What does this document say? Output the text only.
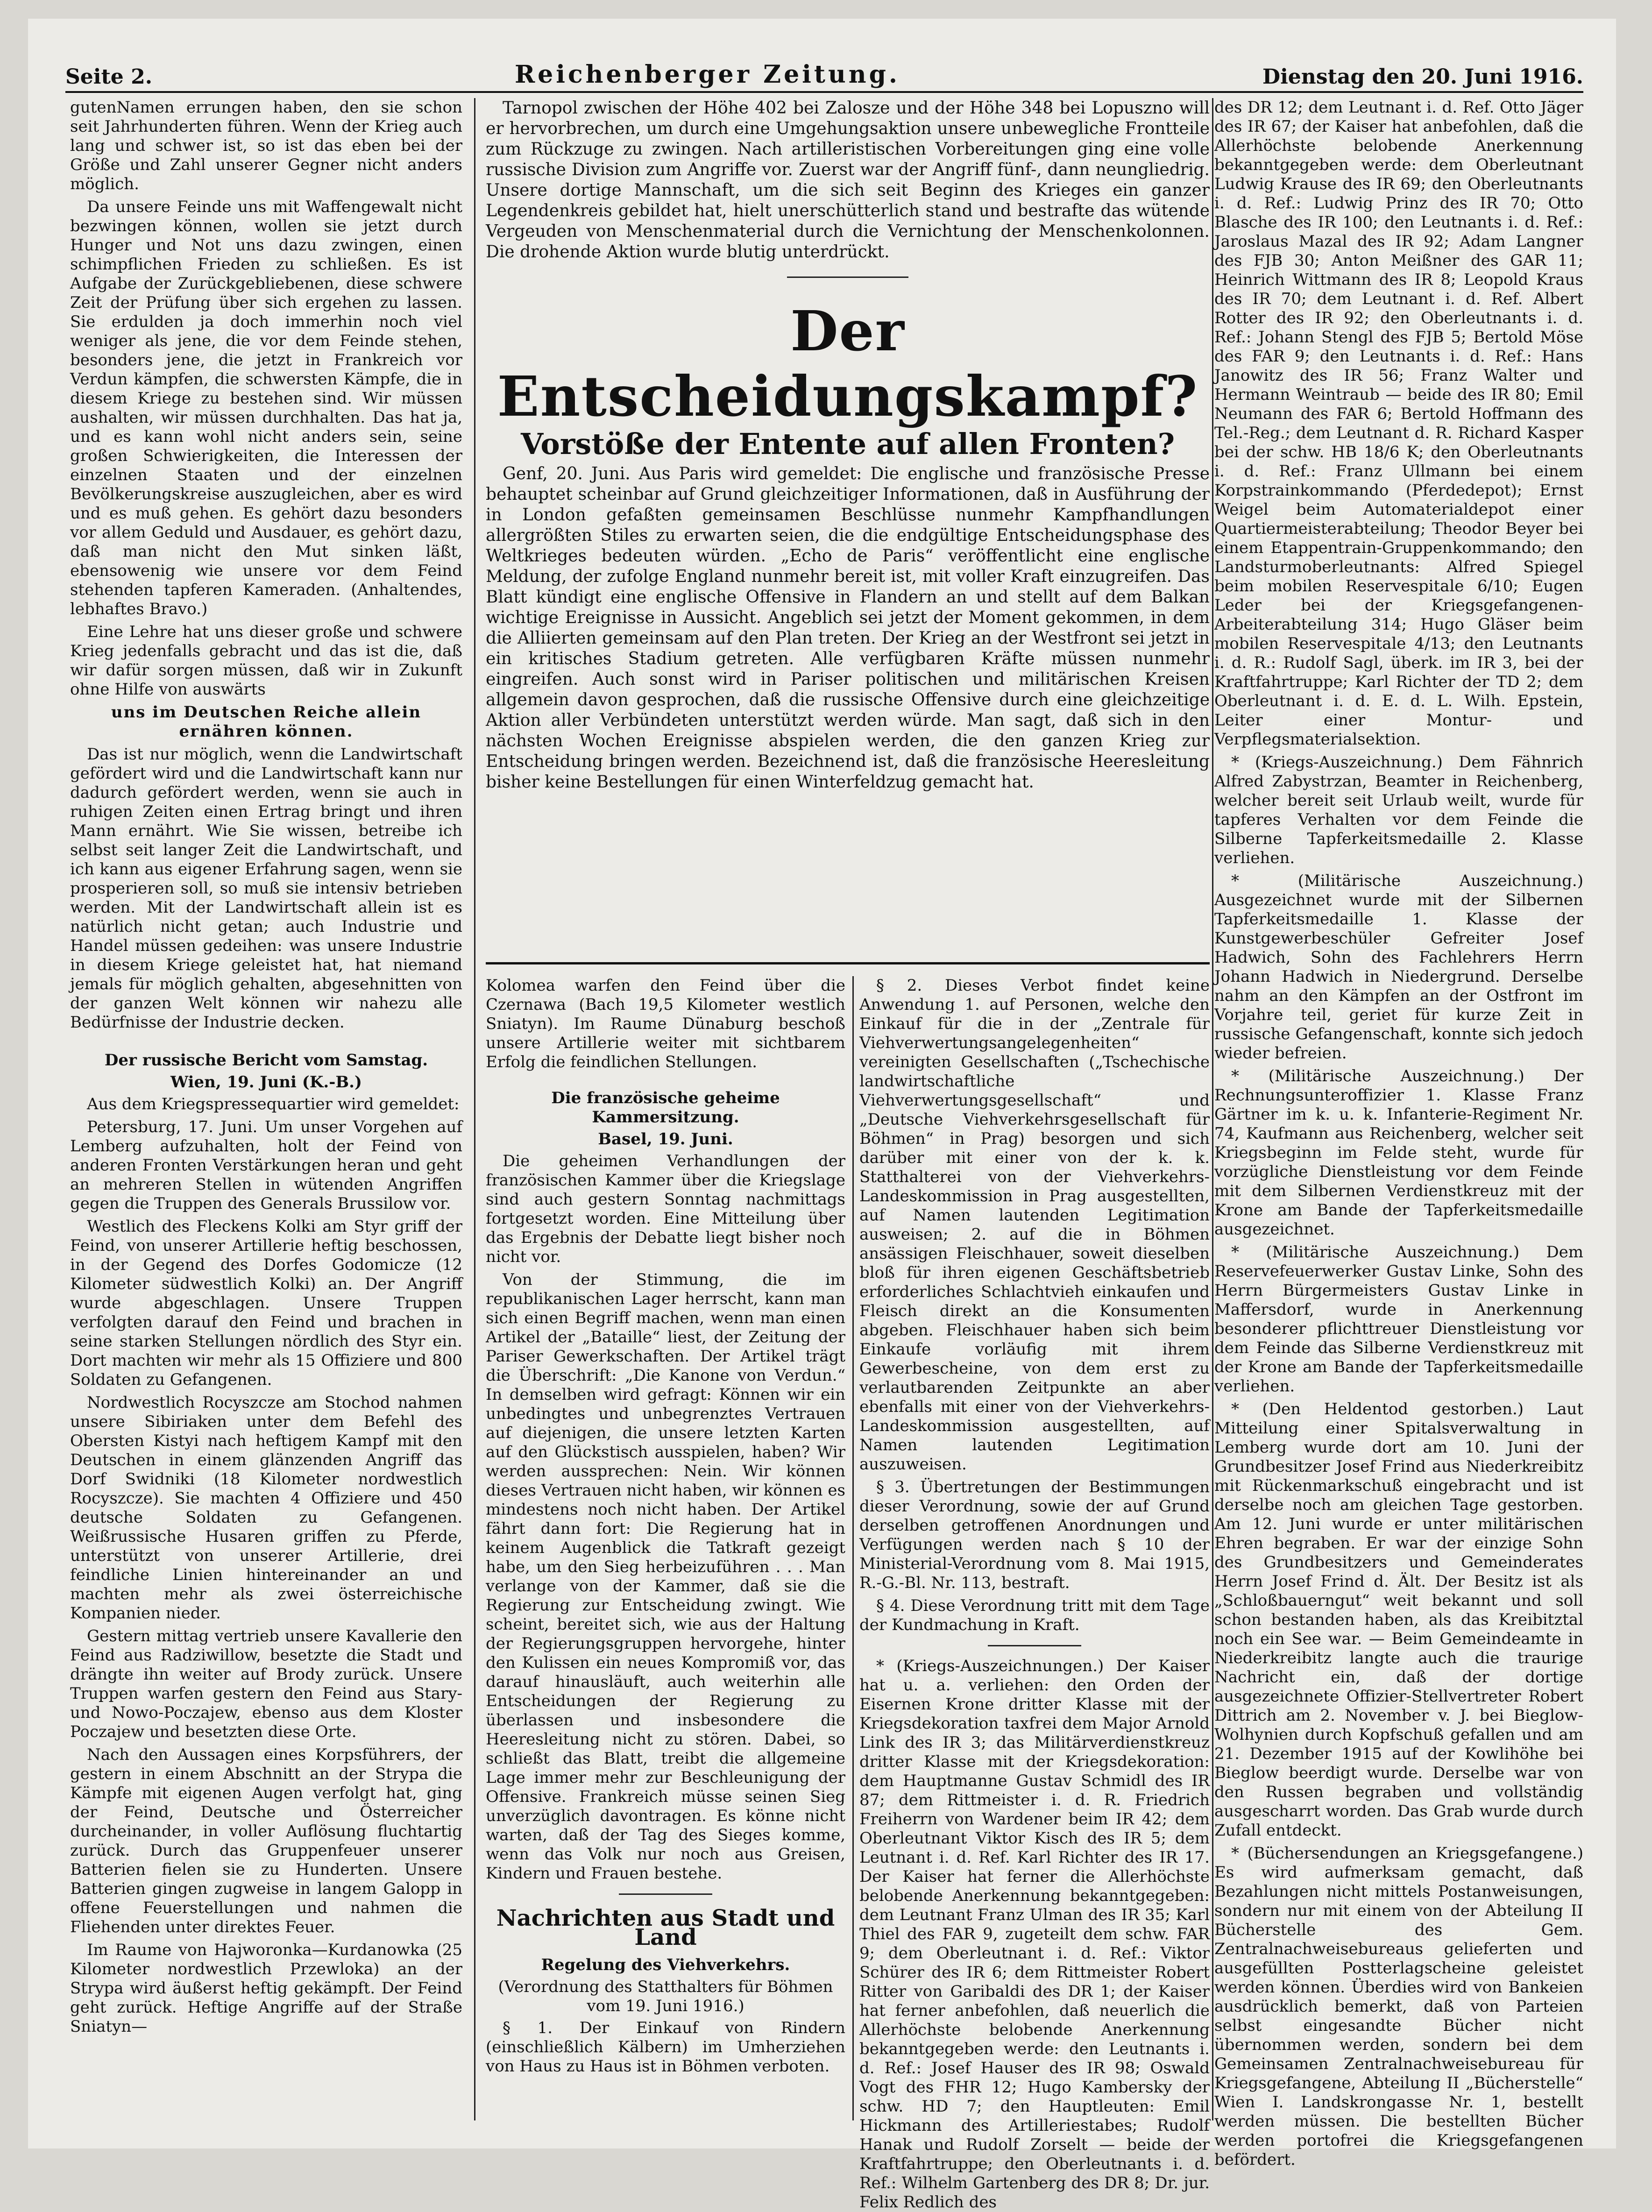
Seite 2.	Reichenberger Zeitung.	Dienstag den 20. Juni 1916.

gutenNamen errungen haben, den sie schon seit Jahrhunderten führen. Wenn der Krieg auch lang und schwer ist, so ist das eben bei der Größe und Zahl unserer Gegner nicht anders möglich.

Da unsere Feinde uns mit Waffengewalt nicht bezwingen können, wollen sie jetzt durch Hunger und Not uns dazu zwingen, einen schimpflichen Frieden zu schließen. Es ist Aufgabe der Zurückgebliebenen, diese schwere Zeit der Prüfung über sich ergehen zu lassen. Sie erdulden ja doch immerhin noch viel weniger als jene, die vor dem Feinde stehen, besonders jene, die jetzt in Frankreich vor Verdun kämpfen, die schwersten Kämpfe, die in diesem Kriege zu bestehen sind. Wir müssen aushalten, wir müssen durchhalten. Das hat ja, und es kann wohl nicht anders sein, seine großen Schwierigkeiten, die Interessen der einzelnen Staaten und der einzelnen Bevölkerungskreise auszugleichen, aber es wird und es muß gehen. Es gehört dazu besonders vor allem Geduld und Ausdauer, es gehört dazu, daß man nicht den Mut sinken läßt, ebensowenig wie unsere vor dem Feind stehenden tapferen Kameraden. (Anhaltendes, lebhaftes Bravo.)

Eine Lehre hat uns dieser große und schwere Krieg jedenfalls gebracht und das ist die, daß wir dafür sorgen müssen, daß wir in Zukunft ohne Hilfe von auswärts

uns im Deutschen Reiche allein ernähren können.

Das ist nur möglich, wenn die Landwirtschaft gefördert wird und die Landwirtschaft kann nur dadurch gefördert werden, wenn sie auch in ruhigen Zeiten einen Ertrag bringt und ihren Mann ernährt. Wie Sie wissen, betreibe ich selbst seit langer Zeit die Landwirtschaft, und ich kann aus eigener Erfahrung sagen, wenn sie prosperieren soll, so muß sie intensiv betrieben werden. Mit der Landwirtschaft allein ist es natürlich nicht getan; auch Industrie und Handel müssen gedeihen: was unsere Industrie in diesem Kriege geleistet hat, hat niemand jemals für möglich gehalten, abgesehnitten von der ganzen Welt können wir nahezu alle Bedürfnisse der Industrie decken.

Der russische Bericht vom Samstag.
Wien, 19. Juni (K.-B.)

Aus dem Kriegspressequartier wird gemeldet:

Petersburg, 17. Juni. Um unser Vorgehen auf Lemberg aufzuhalten, holt der Feind von anderen Fronten Verstärkungen heran und geht an mehreren Stellen in wütenden Angriffen gegen die Truppen des Generals Brussilow vor.

Westlich des Fleckens Kolki am Styr griff der Feind, von unserer Artillerie heftig beschossen, in der Gegend des Dorfes Godomicze (12 Kilometer südwestlich Kolki) an. Der Angriff wurde abgeschlagen. Unsere Truppen verfolgten darauf den Feind und brachen in seine starken Stellungen nördlich des Styr ein. Dort machten wir mehr als 15 Offiziere und 800 Soldaten zu Gefangenen.

Nordwestlich Rocyszcze am Stochod nahmen unsere Sibiriaken unter dem Befehl des Obersten Kistyi nach heftigem Kampf mit den Deutschen in einem glänzenden Angriff das Dorf Swidniki (18 Kilometer nordwestlich Rocyszcze). Sie machten 4 Offiziere und 450 deutsche Soldaten zu Gefangenen. Weißrussische Husaren griffen zu Pferde, unterstützt von unserer Artillerie, drei feindliche Linien hintereinander an und machten mehr als zwei österreichische Kompanien nieder.

Gestern mittag vertrieb unsere Kavallerie den Feind aus Radziwillow, besetzte die Stadt und drängte ihn weiter auf Brody zurück. Unsere Truppen warfen gestern den Feind aus Stary- und Nowo-Poczajew, ebenso aus dem Kloster Poczajew und besetzten diese Orte.

Nach den Aussagen eines Korpsführers, der gestern in einem Abschnitt an der Strypa die Kämpfe mit eigenen Augen verfolgt hat, ging der Feind, Deutsche und Österreicher durcheinander, in voller Auflösung fluchtartig zurück. Durch das Gruppenfeuer unserer Batterien fielen sie zu Hunderten. Unsere Batterien gingen zugweise in langem Galopp in offene Feuerstellungen und nahmen die Fliehenden unter direktes Feuer.

Im Raume von Hajworonka—Kurdanowka (25 Kilometer nordwestlich Przewloka) an der Strypa wird äußerst heftig gekämpft. Der Feind geht zurück. Heftige Angriffe auf der Straße Sniatyn—

Tarnopol zwischen der Höhe 402 bei Zalosze und der Höhe 348 bei Lopuszno will er hervorbrechen, um durch eine Umgehungsaktion unsere unbewegliche Frontteile zum Rückzuge zu zwingen. Nach artilleristischen Vorbereitungen ging eine volle russische Division zum Angriffe vor. Zuerst war der Angriff fünf-, dann neungliedrig. Unsere dortige Mannschaft, um die sich seit Beginn des Krieges ein ganzer Legendenkreis gebildet hat, hielt unerschütterlich stand und bestrafte das wütende Vergeuden von Menschenmaterial durch die Vernichtung der Menschenkolonnen. Die drohende Aktion wurde blutig unterdrückt.

Der Entscheidungskampf?
Vorstöße der Entente auf allen Fronten?

Genf, 20. Juni. Aus Paris wird gemeldet: Die englische und französische Presse behauptet scheinbar auf Grund gleichzeitiger Informationen, daß in Ausführung der in London gefaßten gemeinsamen Beschlüsse nunmehr Kampfhandlungen allergrößten Stiles zu erwarten seien, die die endgültige Entscheidungsphase des Weltkrieges bedeuten würden. „Echo de Paris“ veröffentlicht eine englische Meldung, der zufolge England nunmehr bereit ist, mit voller Kraft einzugreifen. Das Blatt kündigt eine englische Offensive in Flandern an und stellt auf dem Balkan wichtige Ereignisse in Aussicht. Angeblich sei jetzt der Moment gekommen, in dem die Alliierten gemeinsam auf den Plan treten. Der Krieg an der Westfront sei jetzt in ein kritisches Stadium getreten. Alle verfügbaren Kräfte müssen nunmehr eingreifen. Auch sonst wird in Pariser politischen und militärischen Kreisen allgemein davon gesprochen, daß die russische Offensive durch eine gleichzeitige Aktion aller Verbündeten unterstützt werden würde. Man sagt, daß sich in den nächsten Wochen Ereignisse abspielen werden, die den ganzen Krieg zur Entscheidung bringen werden. Bezeichnend ist, daß die französische Heeresleitung bisher keine Bestellungen für einen Winterfeldzug gemacht hat.

Kolomea warfen den Feind über die Czernawa (Bach 19,5 Kilometer westlich Sniatyn). Im Raume Dünaburg beschoß unsere Artillerie weiter mit sichtbarem Erfolg die feindlichen Stellungen.

Die französische geheime Kammersitzung.
Basel, 19. Juni.

Die geheimen Verhandlungen der französischen Kammer über die Kriegslage sind auch gestern Sonntag nachmittags fortgesetzt worden. Eine Mitteilung über das Ergebnis der Debatte liegt bisher noch nicht vor.

Von der Stimmung, die im republikanischen Lager herrscht, kann man sich einen Begriff machen, wenn man einen Artikel der „Bataille“ liest, der Zeitung der Pariser Gewerkschaften. Der Artikel trägt die Überschrift: „Die Kanone von Verdun.“ In demselben wird gefragt: Können wir ein unbedingtes und unbegrenztes Vertrauen auf diejenigen, die unsere letzten Karten auf den Glückstisch ausspielen, haben? Wir werden aussprechen: Nein. Wir können dieses Vertrauen nicht haben, wir können es mindestens noch nicht haben. Der Artikel fährt dann fort: Die Regierung hat in keinem Augenblick die Tatkraft gezeigt habe, um den Sieg herbeizuführen . . . Man verlange von der Kammer, daß sie die Regierung zur Entscheidung zwingt. Wie scheint, bereitet sich, wie aus der Haltung der Regierungsgruppen hervorgehe, hinter den Kulissen ein neues Kompromiß vor, das darauf hinausläuft, auch weiterhin alle Entscheidungen der Regierung zu überlassen und insbesondere die Heeresleitung nicht zu stören. Dabei, so schließt das Blatt, treibt die allgemeine Lage immer mehr zur Beschleunigung der Offensive. Frankreich müsse seinen Sieg unverzüglich davontragen. Es könne nicht warten, daß der Tag des Sieges komme, wenn das Volk nur noch aus Greisen, Kindern und Frauen bestehe.

Nachrichten aus Stadt und Land
Regelung des Viehverkehrs.
(Verordnung des Statthalters für Böhmen vom 19. Juni 1916.)

§ 1. Der Einkauf von Rindern (einschließlich Kälbern) im Umherziehen von Haus zu Haus ist in Böhmen verboten.

§ 2. Dieses Verbot findet keine Anwendung 1. auf Personen, welche den Einkauf für die in der „Zentrale für Viehverwertungsangelegenheiten“ vereinigten Gesellschaften („Tschechische landwirtschaftliche Viehverwertungsgesellschaft“ und „Deutsche Viehverkehrsgesellschaft für Böhmen“ in Prag) besorgen und sich darüber mit einer von der k. k. Statthalterei von der Viehverkehrs-Landeskommission in Prag ausgestellten, auf Namen lautenden Legitimation ausweisen; 2. auf die in Böhmen ansässigen Fleischhauer, soweit dieselben bloß für ihren eigenen Geschäftsbetrieb erforderliches Schlachtvieh einkaufen und Fleisch direkt an die Konsumenten abgeben. Fleischhauer haben sich beim Einkaufe vorläufig mit ihrem Gewerbescheine, von dem erst zu verlautbarenden Zeitpunkte an aber ebenfalls mit einer von der Viehverkehrs-Landeskommission ausgestellten, auf Namen lautenden Legitimation auszuweisen.

§ 3. Übertretungen der Bestimmungen dieser Verordnung, sowie der auf Grund derselben getroffenen Anordnungen und Verfügungen werden nach § 10 der Ministerial-Verordnung vom 8. Mai 1915, R.-G.-Bl. Nr. 113, bestraft.

§ 4. Diese Verordnung tritt mit dem Tage der Kundmachung in Kraft.

* (Kriegs-Auszeichnungen.) Der Kaiser hat u. a. verliehen: den Orden der Eisernen Krone dritter Klasse mit der Kriegsdekoration taxfrei dem Major Arnold Link des IR 3; das Militärverdienstkreuz dritter Klasse mit der Kriegsdekoration: dem Hauptmanne Gustav Schmidl des IR 87; dem Rittmeister i. d. R. Friedrich Freiherrn von Wardener beim IR 42; dem Oberleutnant Viktor Kisch des IR 5; dem Leutnant i. d. Ref. Karl Richter des IR 17. Der Kaiser hat ferner die Allerhöchste belobende Anerkennung bekanntgegeben: dem Leutnant Franz Ulman des IR 35; Karl Thiel des FAR 9, zugeteilt dem schw. FAR 9; dem Oberleutnant i. d. Ref.: Viktor Schürer des IR 6; dem Rittmeister Robert Ritter von Garibaldi des DR 1; der Kaiser hat ferner anbefohlen, daß neuerlich die Allerhöchste belobende Anerkennung bekanntgegeben werde: den Leutnants i. d. Ref.: Josef Hauser des IR 98; Oswald Vogt des FHR 12; Hugo Kambersky der schw. HD 7; den Hauptleuten: Emil Hickmann des Artilleriestabes; Rudolf Hanak und Rudolf Zorselt — beide der Kraftfahrtruppe; den Oberleutnants i. d. Ref.: Wilhelm Gartenberg des DR 8; Dr. jur. Felix Redlich des

des DR 12; dem Leutnant i. d. Ref. Otto Jäger des IR 67; der Kaiser hat anbefohlen, daß die Allerhöchste belobende Anerkennung bekanntgegeben werde: dem Oberleutnant Ludwig Krause des IR 69; den Oberleutnants i. d. Ref.: Ludwig Prinz des IR 70; Otto Blasche des IR 100; den Leutnants i. d. Ref.: Jaroslaus Mazal des IR 92; Adam Langner des FJB 30; Anton Meißner des GAR 11; Heinrich Wittmann des IR 8; Leopold Kraus des IR 70; dem Leutnant i. d. Ref. Albert Rotter des IR 92; den Oberleutnants i. d. Ref.: Johann Stengl des FJB 5; Bertold Möse des FAR 9; den Leutnants i. d. Ref.: Hans Janowitz des IR 56; Franz Walter und Hermann Weintraub — beide des IR 80; Emil Neumann des FAR 6; Bertold Hoffmann des Tel.-Reg.; dem Leutnant d. R. Richard Kasper bei der schw. HB 18/6 K; den Oberleutnants i. d. Ref.: Franz Ullmann bei einem Korpstrainkommando (Pferdedepot); Ernst Weigel beim Automaterialdepot einer Quartiermeisterabteilung; Theodor Beyer bei einem Etappentrain-Gruppenkommando; den Landsturmoberleutnants: Alfred Spiegel beim mobilen Reservespitale 6/10; Eugen Leder bei der Kriegsgefangenen-Arbeiterabteilung 314; Hugo Gläser beim mobilen Reservespitale 4/13; den Leutnants i. d. R.: Rudolf Sagl, überk. im IR 3, bei der Kraftfahrtruppe; Karl Richter der TD 2; dem Oberleutnant i. d. E. d. L. Wilh. Epstein, Leiter einer Montur- und Verpflegsmaterialsektion.

* (Kriegs-Auszeichnung.) Dem Fähnrich Alfred Zabystrzan, Beamter in Reichenberg, welcher bereit seit Urlaub weilt, wurde für tapferes Verhalten vor dem Feinde die Silberne Tapferkeitsmedaille 2. Klasse verliehen.

* (Militärische Auszeichnung.) Ausgezeichnet wurde mit der Silbernen Tapferkeitsmedaille 1. Klasse der Kunstgewerbeschüler Gefreiter Josef Hadwich, Sohn des Fachlehrers Herrn Johann Hadwich in Niedergrund. Derselbe nahm an den Kämpfen an der Ostfront im Vorjahre teil, geriet für kurze Zeit in russische Gefangenschaft, konnte sich jedoch wieder befreien.

* (Militärische Auszeichnung.) Der Rechnungsunteroffizier 1. Klasse Franz Gärtner im k. u. k. Infanterie-Regiment Nr. 74, Kaufmann aus Reichenberg, welcher seit Kriegsbeginn im Felde steht, wurde für vorzügliche Dienstleistung vor dem Feinde mit dem Silbernen Verdienstkreuz mit der Krone am Bande der Tapferkeitsmedaille ausgezeichnet.

* (Militärische Auszeichnung.) Dem Reservefeuerwerker Gustav Linke, Sohn des Herrn Bürgermeisters Gustav Linke in Maffersdorf, wurde in Anerkennung besonderer pflichttreuer Dienstleistung vor dem Feinde das Silberne Verdienstkreuz mit der Krone am Bande der Tapferkeitsmedaille verliehen.

* (Den Heldentod gestorben.) Laut Mitteilung einer Spitalsverwaltung in Lemberg wurde dort am 10. Juni der Grundbesitzer Josef Frind aus Niederkreibitz mit Rückenmarkschuß eingebracht und ist derselbe noch am gleichen Tage gestorben. Am 12. Juni wurde er unter militärischen Ehren begraben. Er war der einzige Sohn des Grundbesitzers und Gemeinderates Herrn Josef Frind d. Ält. Der Besitz ist als „Schloßbauerngut“ weit bekannt und soll schon bestanden haben, als das Kreibitztal noch ein See war. — Beim Gemeindeamte in Niederkreibitz langte auch die traurige Nachricht ein, daß der dortige ausgezeichnete Offizier-Stellvertreter Robert Dittrich am 2. November v. J. bei Bieglow-Wolhynien durch Kopfschuß gefallen und am 21. Dezember 1915 auf der Kowlihöhe bei Bieglow beerdigt wurde. Derselbe war von den Russen begraben und vollständig ausgescharrt worden. Das Grab wurde durch Zufall entdeckt.

* (Büchersendungen an Kriegsgefangene.) Es wird aufmerksam gemacht, daß Bezahlungen nicht mittels Postanweisungen, sondern nur mit einem von der Abteilung II Bücherstelle des Gem. Zentralnachweisebureaus gelieferten und ausgefüllten Postterlagscheine geleistet werden können. Überdies wird von Bankeien ausdrücklich bemerkt, daß von Parteien selbst eingesandte Bücher nicht übernommen werden, sondern bei dem Gemeinsamen Zentralnachweisebureau für Kriegsgefangene, Abteilung II „Bücherstelle“ Wien I. Landskrongasse Nr. 1, bestellt werden müssen. Die bestellten Bücher werden portofrei die Kriegsgefangenen befördert.
